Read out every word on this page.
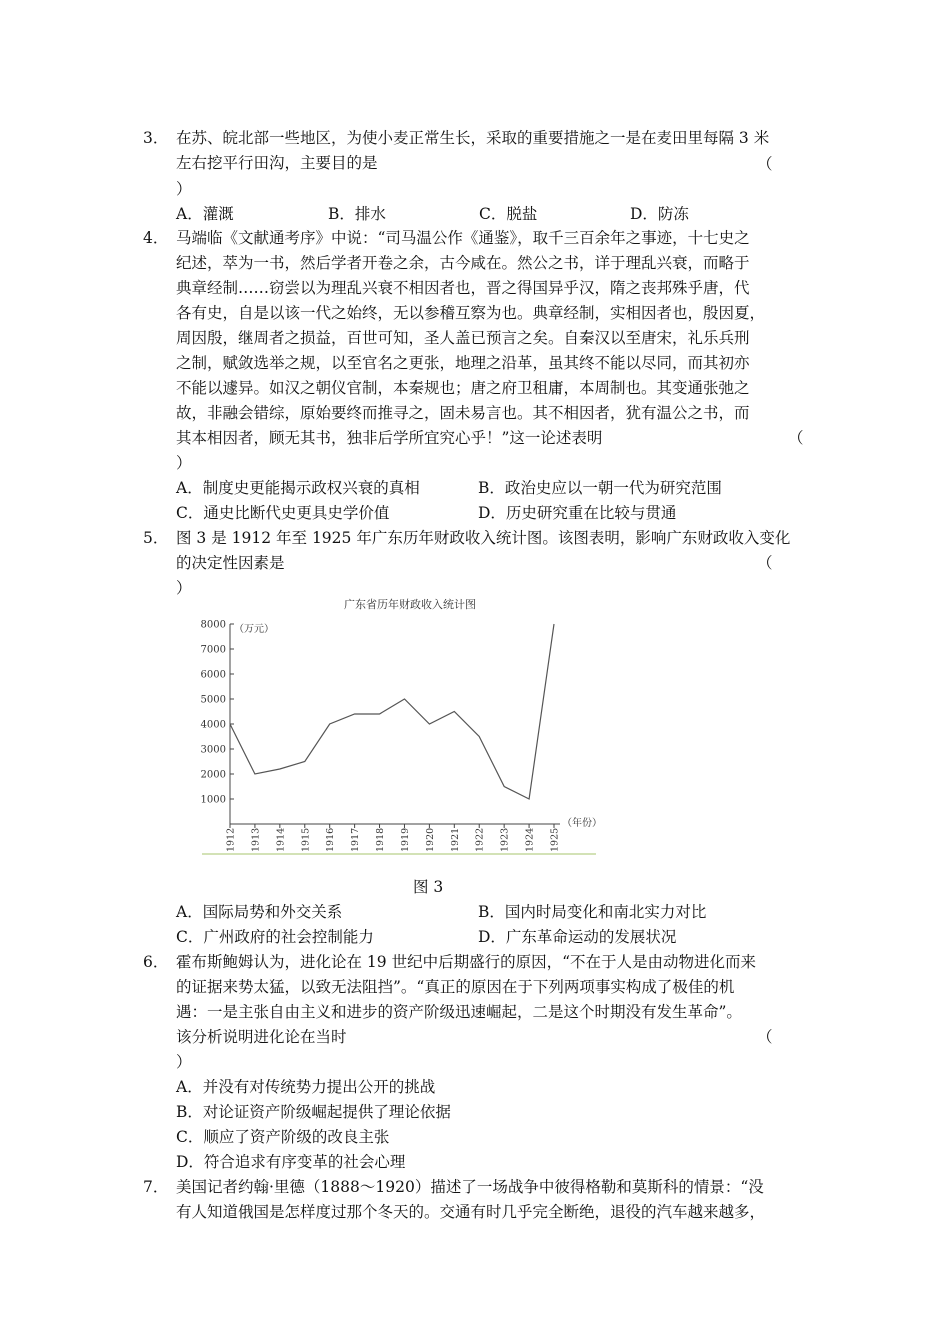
3． 在苏、皖北部一些地区，为使小麦正常生长，采取的重要措施之一是在麦田里每隔 3 米
左右挖平行田沟，主要目的是	（
）
A．灌溉	B．排水	C．脱盐	D．防冻
4． 马端临《文献通考序》中说：“司马温公作《通鉴》，取千三百余年之事迹，十七史之
纪述，萃为一书，然后学者开卷之余，古今咸在。然公之书，详于理乱兴衰，而略于
典章经制……窃尝以为理乱兴衰不相因者也，晋之得国异乎汉，隋之丧邦殊乎唐，代
各有史，自是以该一代之始终，无以参稽互察为也。典章经制，实相因者也，殷因夏，
周因殷，继周者之损益，百世可知，圣人盖已预言之矣。自秦汉以至唐宋，礼乐兵刑
之制，赋敛选举之规，以至官名之更张，地理之沿革，虽其终不能以尽同，而其初亦
不能以遽异。如汉之朝仪官制，本秦规也；唐之府卫租庸，本周制也。其变通张弛之
故，非融会错综，原始要终而推寻之，固未易言也。其不相因者，犹有温公之书，而
其本相因者，顾无其书，独非后学所宜究心乎！”这一论述表明	（
）
A．制度史更能揭示政权兴衰的真相	B．政治史应以一朝一代为研究范围
C．通史比断代史更具史学价值	D．历史研究重在比较与贯通
5． 图 3 是 1912 年至 1925 年广东历年财政收入统计图。该图表明，影响广东财政收入变化
的决定性因素是	（
）
广东省历年财政收入统计图
（万元）
（年份）
1000
2000
3000
4000
5000
6000
7000
8000
1912 1913 1914 1915 1916 1917 1918 1919 1920 1921 1922 1923 1924 1925
图 3
A．国际局势和外交关系	B．国内时局变化和南北实力对比
C．广州政府的社会控制能力	D．广东革命运动的发展状况
6． 霍布斯鲍姆认为，进化论在 19 世纪中后期盛行的原因，“不在于人是由动物进化而来
的证据来势太猛，以致无法阻挡”。“真正的原因在于下列两项事实构成了极佳的机
遇：一是主张自由主义和进步的资产阶级迅速崛起，二是这个时期没有发生革命”。
该分析说明进化论在当时	（
）
A．并没有对传统势力提出公开的挑战
B．对论证资产阶级崛起提供了理论依据
C．顺应了资产阶级的改良主张
D．符合追求有序变革的社会心理
7． 美国记者约翰·里德（1888～1920）描述了一场战争中彼得格勒和莫斯科的情景：“没
有人知道俄国是怎样度过那个冬天的。交通有时几乎完全断绝，退役的汽车越来越多，
